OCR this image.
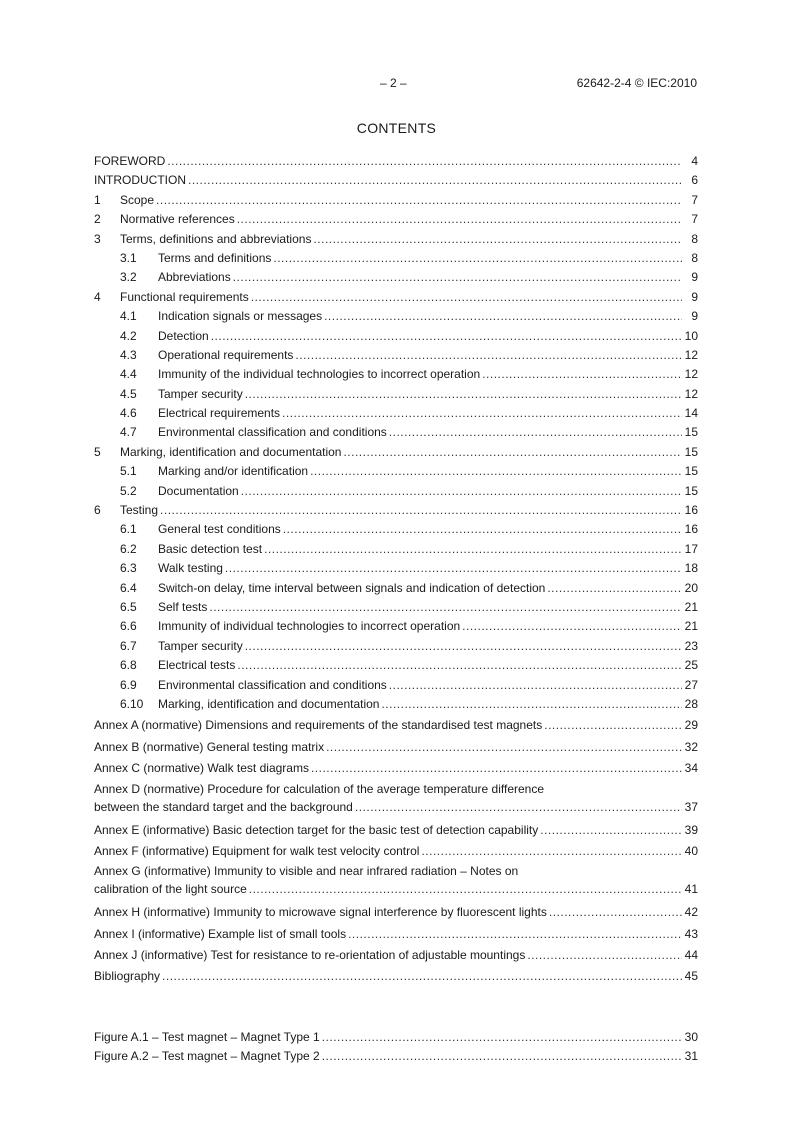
– 2 –	62642-2-4 © IEC:2010
CONTENTS
FOREWORD .....	4
INTRODUCTION .....	6
1	Scope .....	7
2	Normative references .....	7
3	Terms, definitions and abbreviations .....	8
3.1	Terms and definitions .....	8
3.2	Abbreviations .....	9
4	Functional requirements .....	9
4.1	Indication signals or messages .....	9
4.2	Detection .....	10
4.3	Operational requirements .....	12
4.4	Immunity of the individual technologies to incorrect operation .....	12
4.5	Tamper security .....	12
4.6	Electrical requirements .....	14
4.7	Environmental classification and conditions .....	15
5	Marking, identification and documentation .....	15
5.1	Marking and/or identification .....	15
5.2	Documentation .....	15
6	Testing .....	16
6.1	General test conditions .....	16
6.2	Basic detection test .....	17
6.3	Walk testing .....	18
6.4	Switch-on delay, time interval between signals and indication of detection .....	20
6.5	Self tests .....	21
6.6	Immunity of individual technologies to incorrect operation .....	21
6.7	Tamper security .....	23
6.8	Electrical tests .....	25
6.9	Environmental classification and conditions .....	27
6.10	Marking, identification and documentation .....	28
Annex A (normative) Dimensions and requirements of the standardised test magnets .....	29
Annex B (normative) General testing matrix .....	32
Annex C (normative) Walk test diagrams .....	34
Annex D (normative) Procedure for calculation of the average temperature difference
between the standard target and the background .....	37
Annex E (informative) Basic detection target for the basic test of detection capability .....	39
Annex F (informative) Equipment for walk test velocity control .....	40
Annex G (informative) Immunity to visible and near infrared radiation – Notes on
calibration of the light source .....	41
Annex H (informative) Immunity to microwave signal interference by fluorescent lights .....	42
Annex I (informative) Example list of small tools .....	43
Annex J (informative) Test for resistance to re-orientation of adjustable mountings .....	44
Bibliography .....	45
Figure A.1 – Test magnet – Magnet Type 1 .....	30
Figure A.2 – Test magnet – Magnet Type 2 .....	31
